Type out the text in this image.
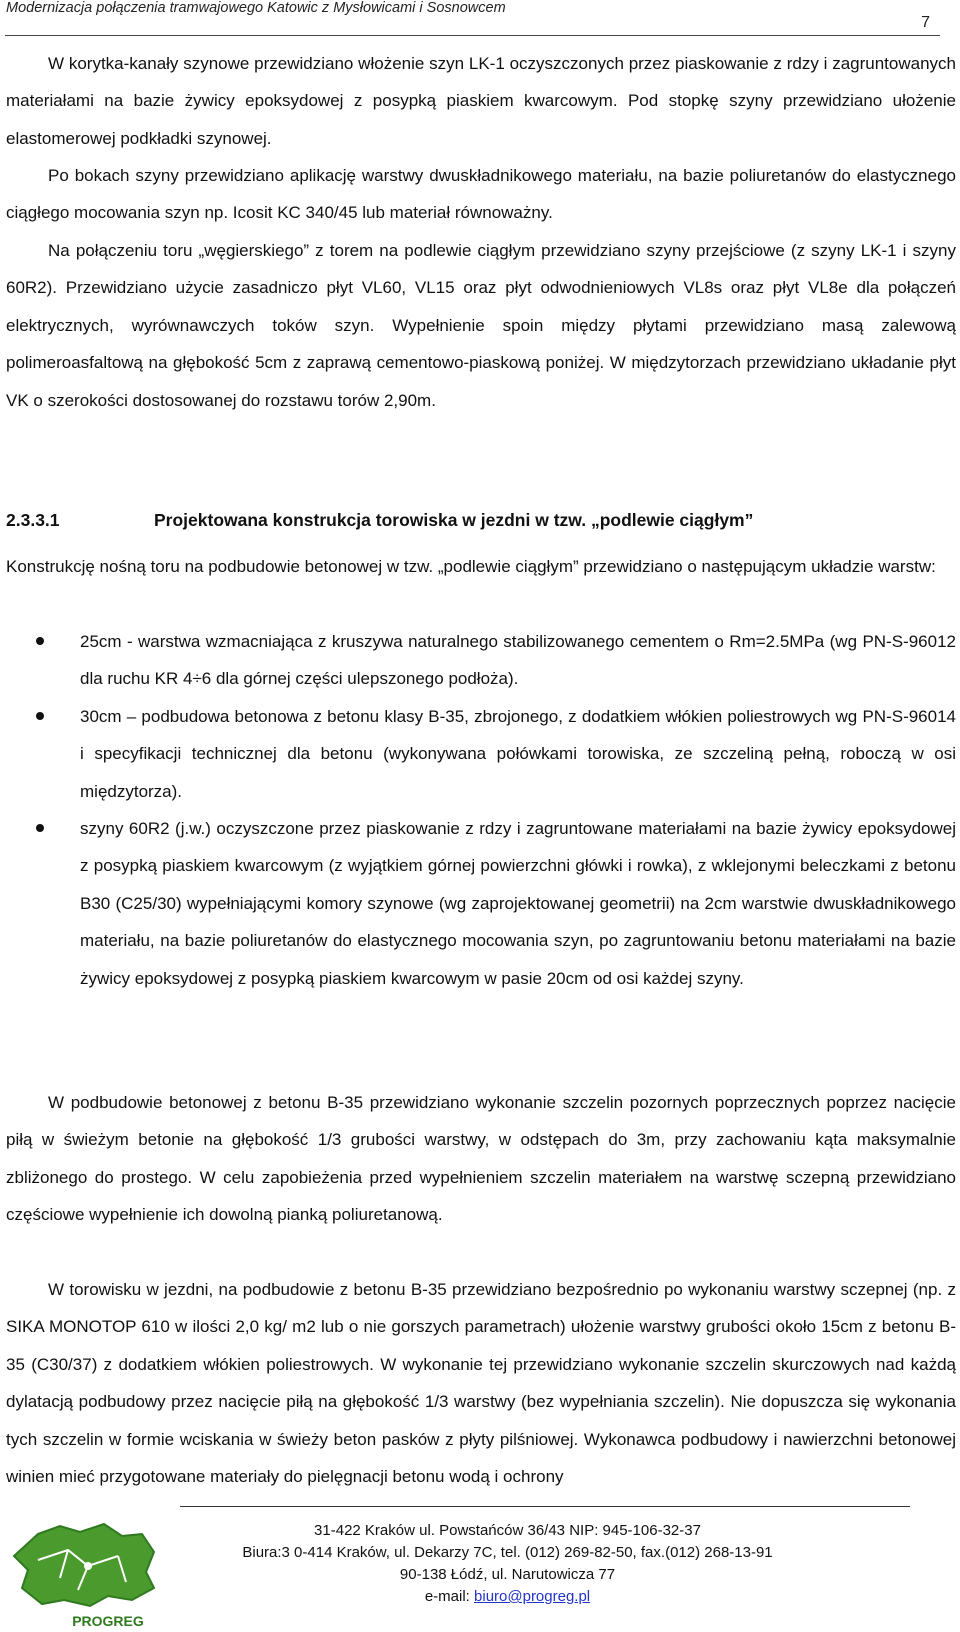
Modernizacja połączenia tramwajowego Katowic z Mysłowicami i Sosnowcem
7

W korytka-kanały szynowe przewidziano włożenie szyn LK-1 oczyszczonych przez piaskowanie z rdzy i zagruntowanych materiałami na bazie żywicy epoksydowej z posypką piaskiem kwarcowym. Pod stopkę szyny przewidziano ułożenie elastomerowej podkładki szynowej.

Po bokach szyny przewidziano aplikację warstwy dwuskładnikowego materiału, na bazie poliuretanów do elastycznego ciągłego mocowania szyn np. Icosit KC 340/45 lub materiał równoważny.

Na połączeniu toru „węgierskiego” z torem na podlewie ciągłym przewidziano szyny przejściowe (z szyny LK-1 i szyny 60R2). Przewidziano użycie zasadniczo płyt VL60, VL15 oraz płyt odwodnieniowych VL8s oraz płyt VL8e dla połączeń elektrycznych, wyrównawczych toków szyn. Wypełnienie spoin między płytami przewidziano masą zalewową polimeroasfaltową na głębokość 5cm z zaprawą cementowo-piaskową poniżej. W międzytorzach przewidziano układanie płyt VK o szerokości dostosowanej do rozstawu torów 2,90m.

2.3.3.1	Projektowana konstrukcja torowiska w jezdni w tzw. „podlewie ciągłym”

Konstrukcję nośną toru na podbudowie betonowej w tzw. „podlewie ciągłym” przewidziano o następującym układzie warstw:

25cm - warstwa wzmacniająca z kruszywa naturalnego stabilizowanego cementem o Rm=2.5MPa (wg PN-S-96012 dla ruchu KR 4÷6 dla górnej części ulepszonego podłoża).
30cm – podbudowa betonowa z betonu klasy B-35, zbrojonego, z dodatkiem włókien poliestrowych wg PN-S-96014 i specyfikacji technicznej dla betonu (wykonywana połówkami torowiska, ze szczeliną pełną, roboczą w osi międzytorza).
szyny 60R2 (j.w.) oczyszczone przez piaskowanie z rdzy i zagruntowane materiałami na bazie żywicy epoksydowej z posypką piaskiem kwarcowym (z wyjątkiem górnej powierzchni główki i rowka), z wklejonymi beleczkami z betonu B30 (C25/30) wypełniającymi komory szynowe (wg zaprojektowanej geometrii) na 2cm warstwie dwuskładnikowego materiału, na bazie poliuretanów do elastycznego mocowania szyn, po zagruntowaniu betonu materiałami na bazie żywicy epoksydowej z posypką piaskiem kwarcowym w pasie 20cm od osi każdej szyny.

W podbudowie betonowej z betonu B-35 przewidziano wykonanie szczelin pozornych poprzecznych poprzez nacięcie piłą w świeżym betonie na głębokość 1/3 grubości warstwy, w odstępach do 3m, przy zachowaniu kąta maksymalnie zbliżonego do prostego. W celu zapobieżenia przed wypełnieniem szczelin materiałem na warstwę sczepną przewidziano częściowe wypełnienie ich dowolną pianką poliuretanową.

W torowisku w jezdni, na podbudowie z betonu B-35 przewidziano bezpośrednio po wykonaniu warstwy sczepnej (np. z SIKA MONOTOP 610 w ilości 2,0 kg/ m2 lub o nie gorszych parametrach) ułożenie warstwy grubości około 15cm z betonu B-35 (C30/37) z dodatkiem włókien poliestrowych. W wykonanie tej przewidziano wykonanie szczelin skurczowych nad każdą dylatacją podbudowy przez nacięcie piłą na głębokość 1/3 warstwy (bez wypełniania szczelin). Nie dopuszcza się wykonania tych szczelin w formie wciskania w świeży beton pasków z płyty pilśniowej. Wykonawca podbudowy i nawierzchni betonowej winien mieć przygotowane materiały do pielęgnacji betonu wodą i ochrony

PROGREG
31-422 Kraków ul. Powstańców 36/43 NIP: 945-106-32-37
Biura:3 0-414 Kraków, ul. Dekarzy 7C, tel. (012) 269-82-50, fax.(012) 268-13-91
90-138 Łódź, ul. Narutowicza 77
e-mail: biuro@progreg.pl
